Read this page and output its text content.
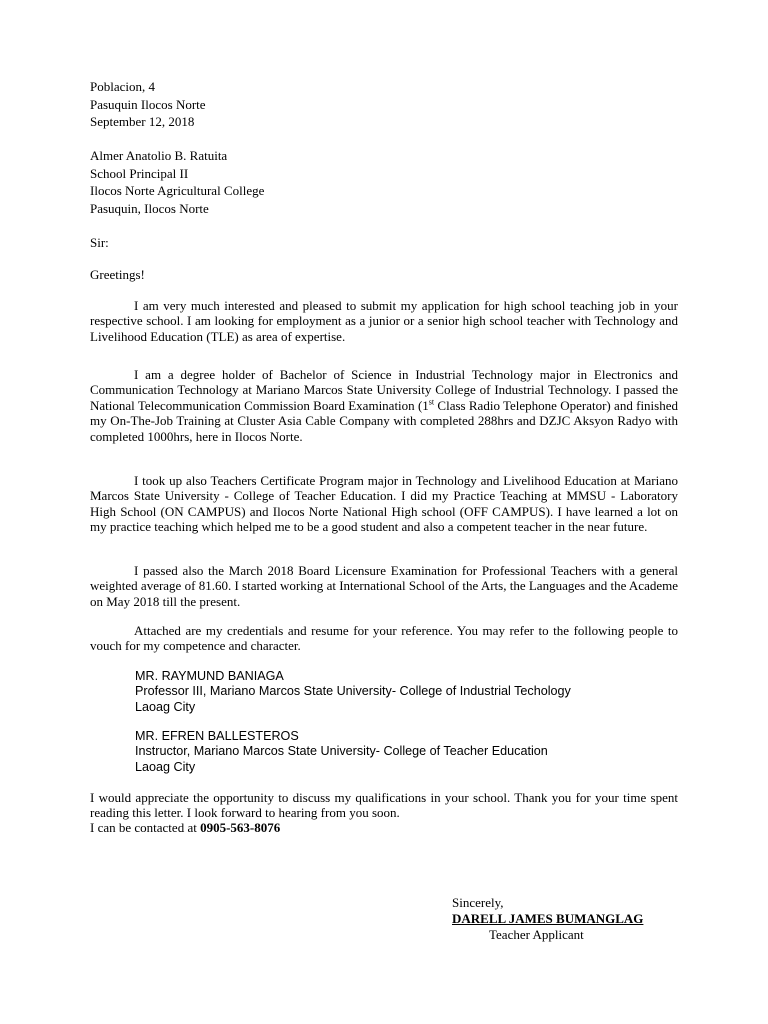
Poblacion, 4
Pasuquin Ilocos Norte
September 12, 2018
Almer Anatolio B. Ratuita
School Principal II
Ilocos Norte Agricultural College
Pasuquin, Ilocos Norte
Sir:
Greetings!
I am very much interested and pleased to submit my application for high school teaching job in your respective school. I am looking for employment as a junior or a senior high school teacher with Technology and Livelihood Education (TLE) as area of expertise.
I am a degree holder of Bachelor of Science in Industrial Technology major in Electronics and Communication Technology at Mariano Marcos State University College of Industrial Technology. I passed the National Telecommunication Commission Board Examination (1st Class Radio Telephone Operator) and finished my On-The-Job Training at Cluster Asia Cable Company with completed 288hrs and DZJC Aksyon Radyo with completed 1000hrs, here in Ilocos Norte.
I took up also Teachers Certificate Program major in Technology and Livelihood Education at Mariano Marcos State University - College of Teacher Education. I did my Practice Teaching at MMSU - Laboratory High School (ON CAMPUS) and Ilocos Norte National High school (OFF CAMPUS). I have learned a lot on my practice teaching which helped me to be a good student and also a competent teacher in the near future.
I passed also the March 2018 Board Licensure Examination for Professional Teachers with a general weighted average of 81.60. I started working at International School of the Arts, the Languages and the Academe on May 2018 till the present.
Attached are my credentials and resume for your reference. You may refer to the following people to vouch for my competence and character.
MR. RAYMUND BANIAGA
Professor III, Mariano Marcos State University- College of Industrial Techology
Laoag City
MR. EFREN BALLESTEROS
Instructor, Mariano Marcos State University- College of Teacher Education
Laoag City
I would appreciate the opportunity to discuss my qualifications in your school. Thank you for your time spent reading this letter. I look forward to hearing from you soon.
I can be contacted at 0905-563-8076
Sincerely,
DARELL JAMES BUMANGLAG
Teacher Applicant
